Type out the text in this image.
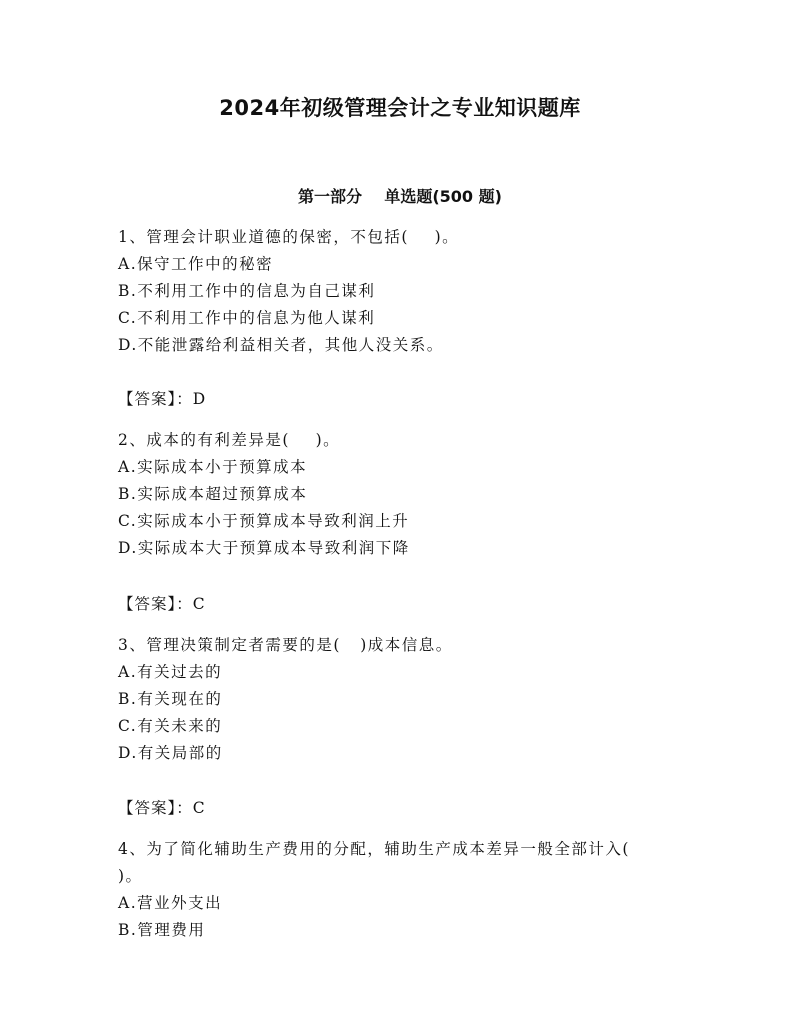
2024年初级管理会计之专业知识题库
第一部分    单选题(500 题)
1、管理会计职业道德的保密，不包括(    )。
A.保守工作中的秘密
B.不利用工作中的信息为自己谋利
C.不利用工作中的信息为他人谋利
D.不能泄露给利益相关者，其他人没关系。
【答案】：D
2、成本的有利差异是(    )。
A.实际成本小于预算成本
B.实际成本超过预算成本
C.实际成本小于预算成本导致利润上升
D.实际成本大于预算成本导致利润下降
【答案】：C
3、管理决策制定者需要的是(   )成本信息。
A.有关过去的
B.有关现在的
C.有关未来的
D.有关局部的
【答案】：C
4、为了简化辅助生产费用的分配，辅助生产成本差异一般全部计入(
)。
A.营业外支出
B.管理费用
